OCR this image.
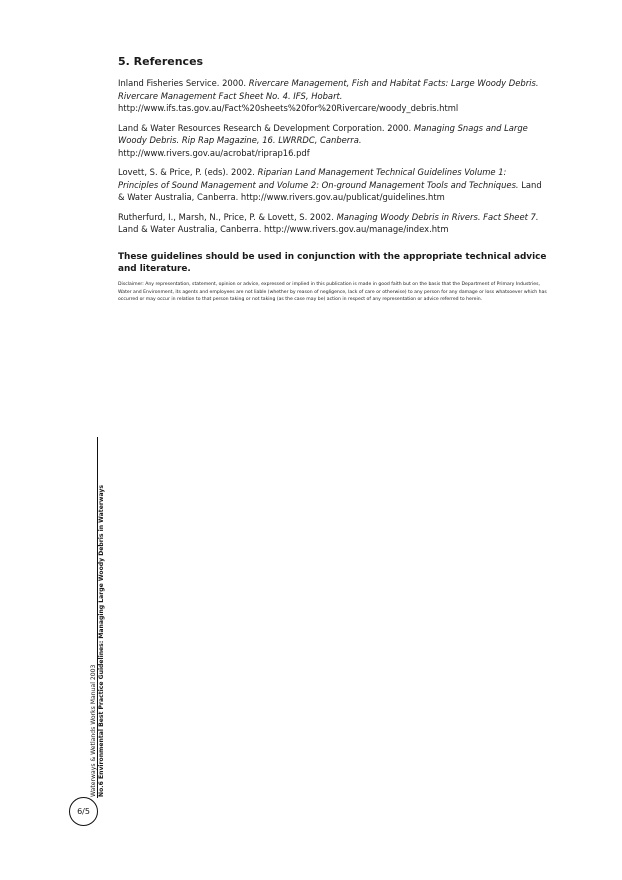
5. References

Inland Fisheries Service. 2000. Rivercare Management, Fish and Habitat Facts: Large Woody Debris. Rivercare Management Fact Sheet No. 4. IFS, Hobart. http://www.ifs.tas.gov.au/Fact%20sheets%20for%20Rivercare/woody_debris.html

Land & Water Resources Research & Development Corporation. 2000. Managing Snags and Large Woody Debris. Rip Rap Magazine, 16. LWRRDC, Canberra. http://www.rivers.gov.au/acrobat/riprap16.pdf

Lovett, S. & Price, P. (eds). 2002. Riparian Land Management Technical Guidelines Volume 1: Principles of Sound Management and Volume 2: On-ground Management Tools and Techniques. Land & Water Australia, Canberra. http://www.rivers.gov.au/publicat/guidelines.htm

Rutherfurd, I., Marsh, N., Price, P. & Lovett, S. 2002. Managing Woody Debris in Rivers. Fact Sheet 7. Land & Water Australia, Canberra. http://www.rivers.gov.au/manage/index.htm

These guidelines should be used in conjunction with the appropriate technical advice and literature.

Disclaimer: Any representation, statement, opinion or advice, expressed or implied in this publication is made in good faith but on the basis that the Department of Primary Industries, Water and Environment, its agents and employees are not liable (whether by reason of negligence, lack of care or otherwise) to any person for any damage or loss whatsoever which has occurred or may occur in relation to that person taking or not taking (as the case may be) action in respect of any representation or advice referred to herein.

Waterways & Wetlands Works Manual 2003 No.6 Environmental Best Practice Guidelines: Managing Large Woody Debris in Waterways
6/5
